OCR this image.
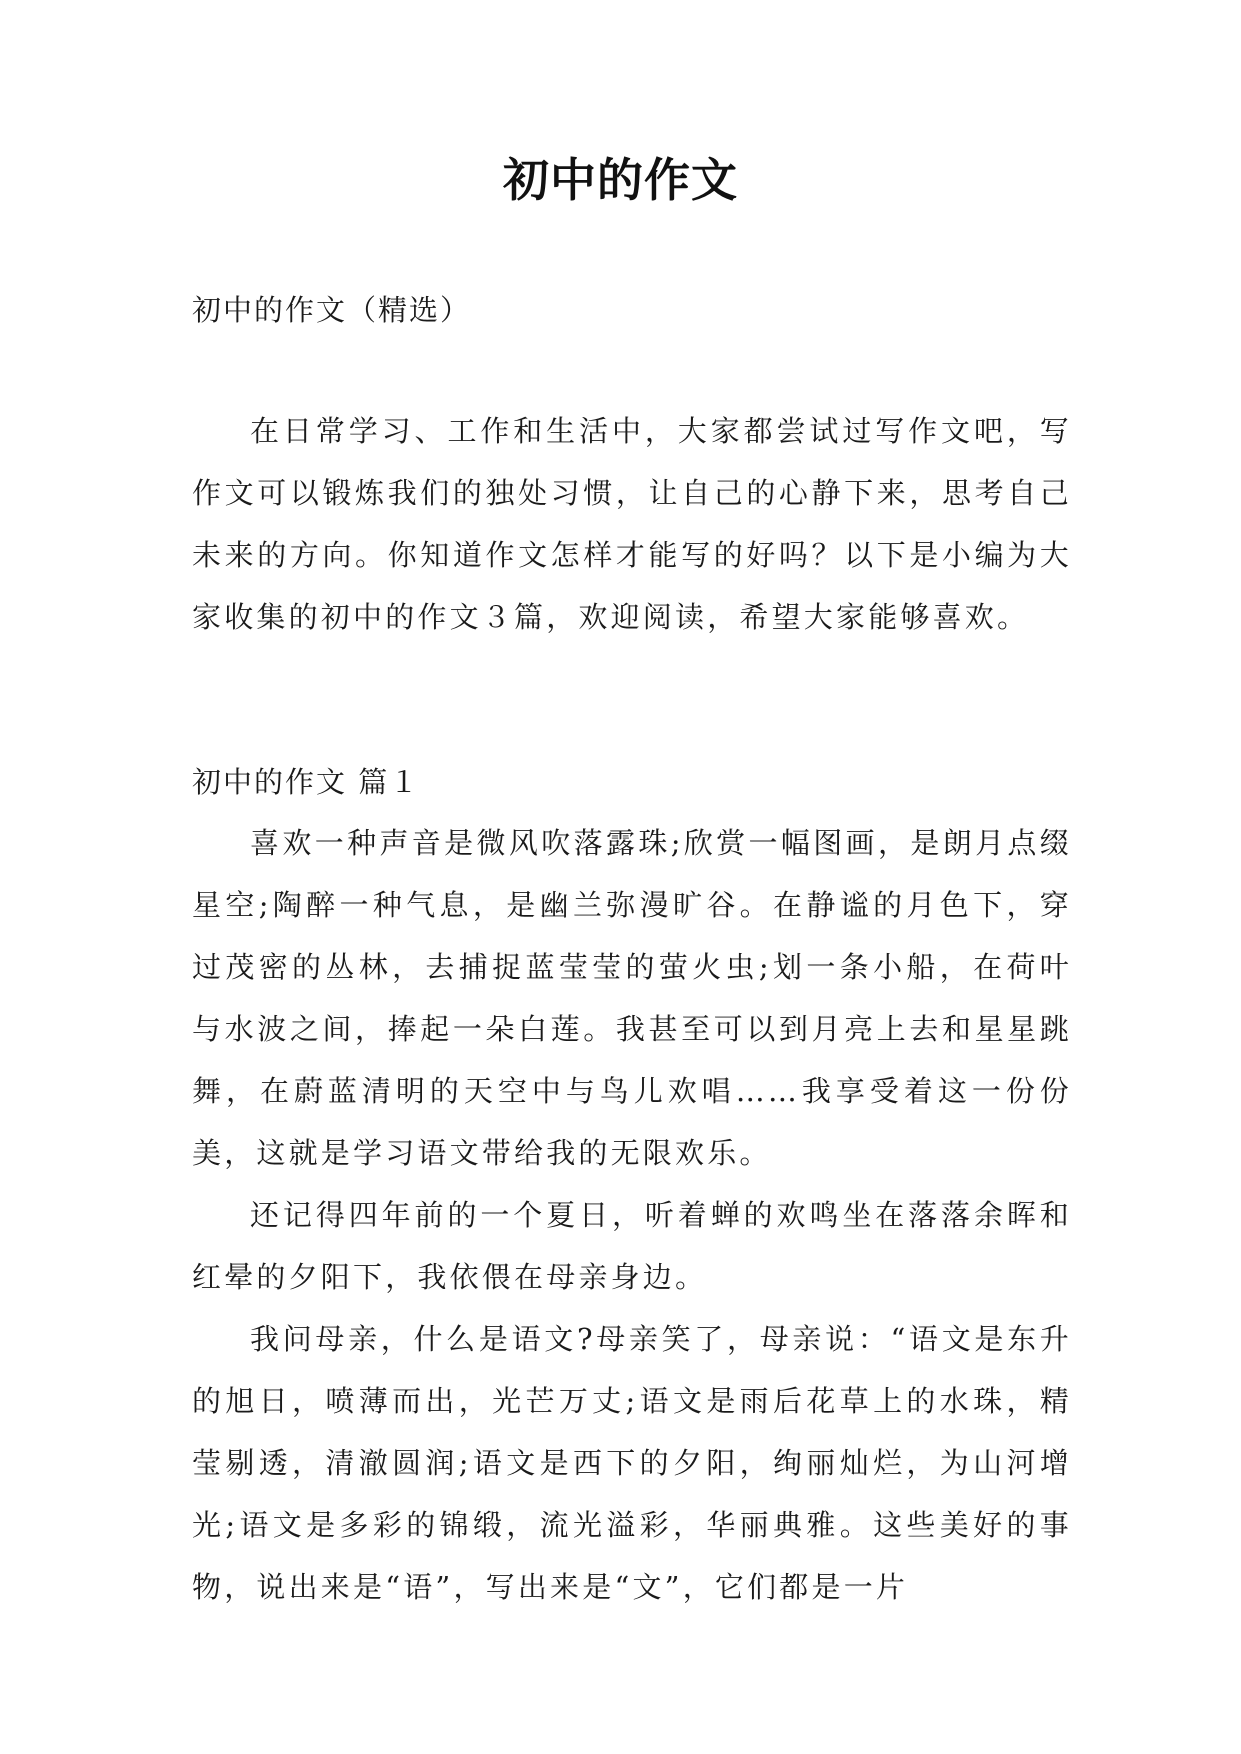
初中的作文
初中的作文（精选）

在日常学习、工作和生活中，大家都尝试过写作文吧，写作文可以锻炼我们的独处习惯，让自己的心静下来，思考自己未来的方向。你知道作文怎样才能写的好吗？以下是小编为大家收集的初中的作文３篇，欢迎阅读，希望大家能够喜欢。

初中的作文 篇１

喜欢一种声音是微风吹落露珠;欣赏一幅图画，是朗月点缀星空;陶醉一种气息，是幽兰弥漫旷谷。在静谧的月色下，穿过茂密的丛林，去捕捉蓝莹莹的萤火虫;划一条小船，在荷叶与水波之间，捧起一朵白莲。我甚至可以到月亮上去和星星跳舞，在蔚蓝清明的天空中与鸟儿欢唱……我享受着这一份份美，这就是学习语文带给我的无限欢乐。

还记得四年前的一个夏日，听着蝉的欢鸣坐在落落余晖和红晕的夕阳下，我依偎在母亲身边。

我问母亲，什么是语文?母亲笑了，母亲说：“语文是东升的旭日，喷薄而出，光芒万丈;语文是雨后花草上的水珠，精莹剔透，清澈圆润;语文是西下的夕阳，绚丽灿烂，为山河增光;语文是多彩的锦缎，流光溢彩，华丽典雅。这些美好的事物，说出来是“语”，写出来是“文”，它们都是一片
